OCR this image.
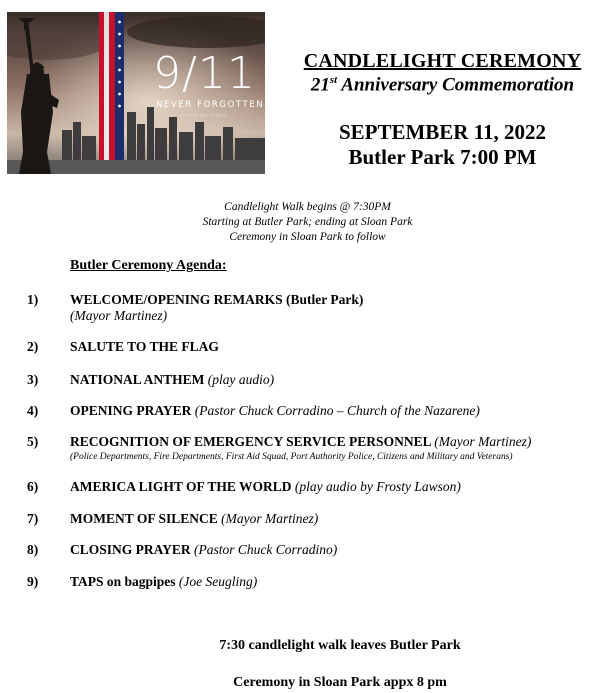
9/11
NEVER FORGOTTEN
united we stand
CANDLELIGHT CEREMONY
21st Anniversary Commemoration
SEPTEMBER 11, 2022
Butler Park 7:00 PM
Candlelight Walk begins @ 7:30PM
Starting at Butler Park; ending at Sloan Park
Ceremony in Sloan Park to follow
Butler Ceremony Agenda:
1) WELCOME/OPENING REMARKS (Butler Park)
(Mayor Martinez)
2) SALUTE TO THE FLAG
3) NATIONAL ANTHEM (play audio)
4) OPENING PRAYER (Pastor Chuck Corradino – Church of the Nazarene)
5) RECOGNITION OF EMERGENCY SERVICE PERSONNEL (Mayor Martinez)
(Police Departments, Fire Departments, First Aid Squad, Port Authority Police, Citizens and Military and Veterans)
6) AMERICA LIGHT OF THE WORLD (play audio by Frosty Lawson)
7) MOMENT OF SILENCE (Mayor Martinez)
8) CLOSING PRAYER (Pastor Chuck Corradino)
9) TAPS on bagpipes (Joe Seugling)
7:30 candlelight walk leaves Butler Park
Ceremony in Sloan Park appx 8 pm
